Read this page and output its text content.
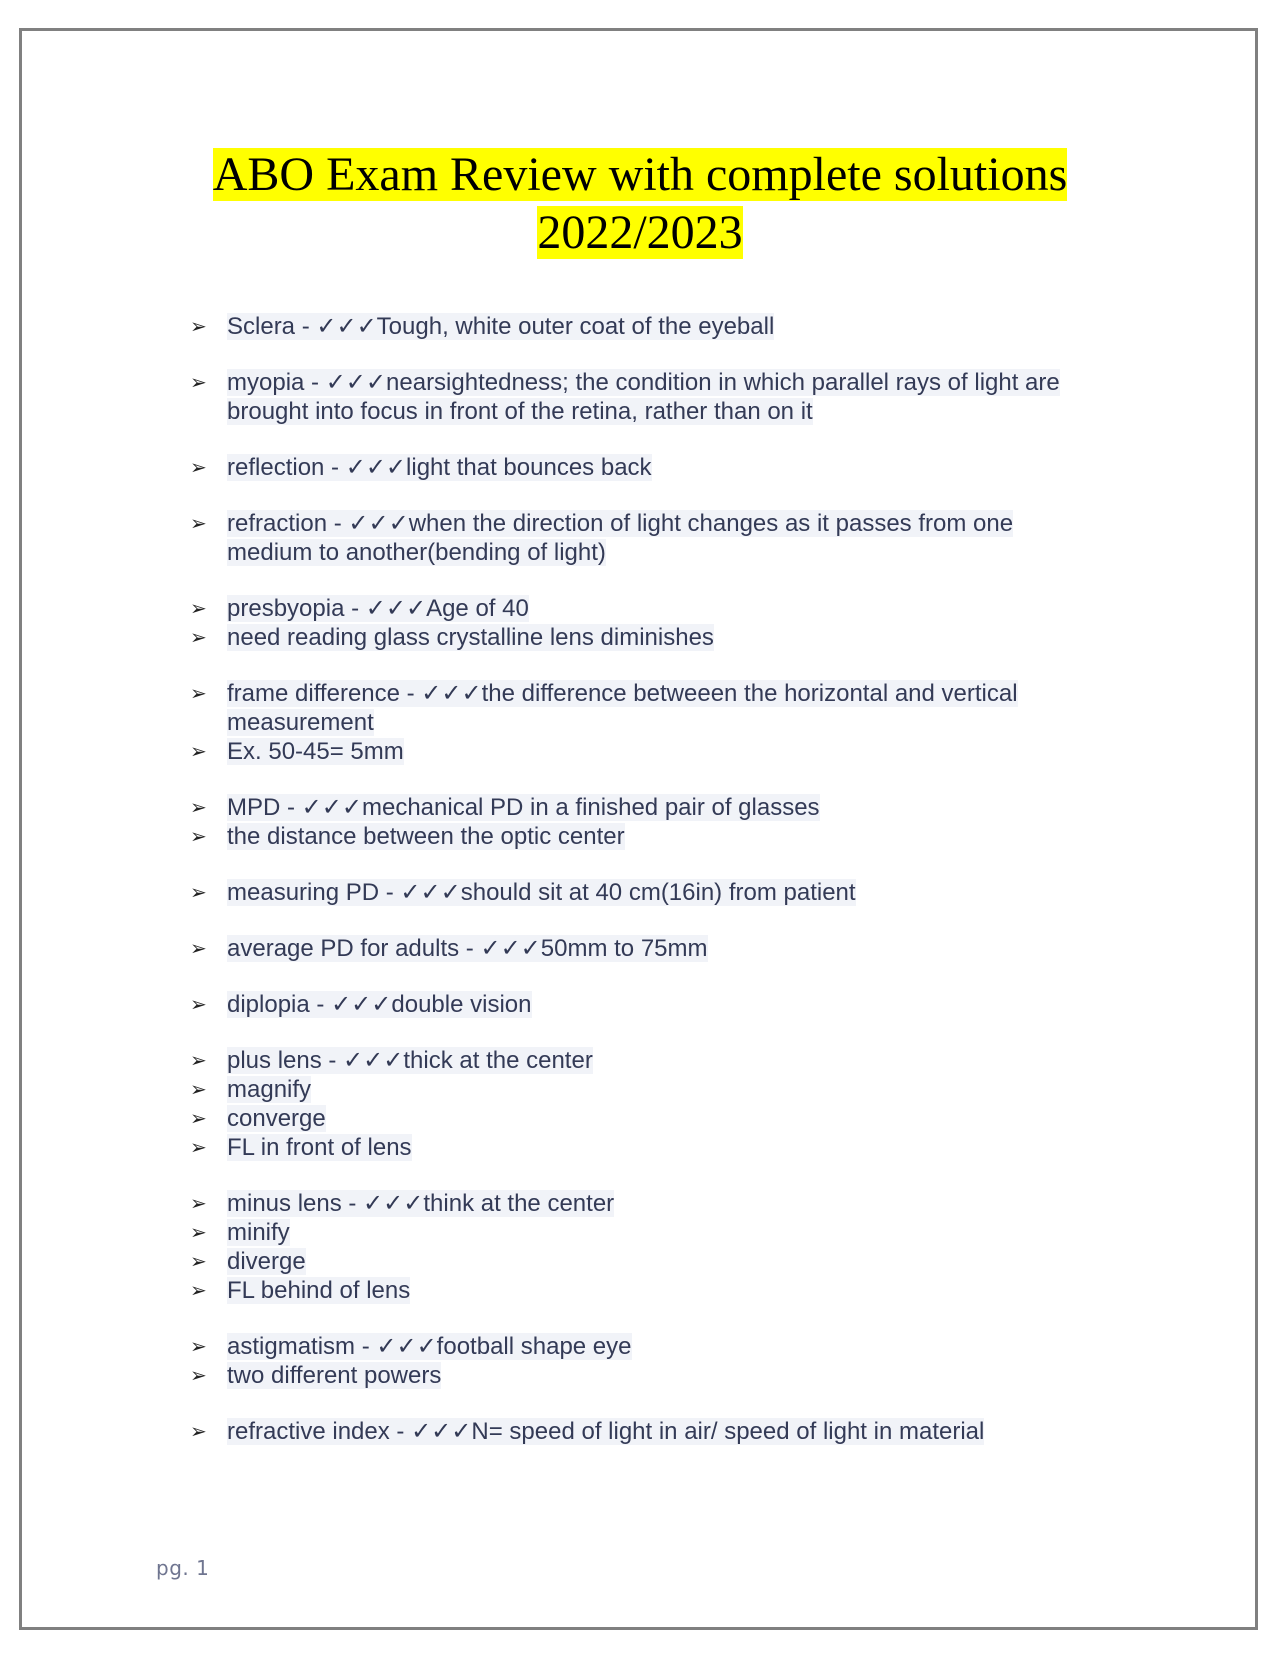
ABO Exam Review with complete solutions
2022/2023
➢ Sclera - ✓✓✓Tough, white outer coat of the eyeball
➢ myopia - ✓✓✓nearsightedness; the condition in which parallel rays of light are brought into focus in front of the retina, rather than on it
➢ reflection - ✓✓✓light that bounces back
➢ refraction - ✓✓✓when the direction of light changes as it passes from one medium to another(bending of light)
➢ presbyopia - ✓✓✓Age of 40
➢ need reading glass crystalline lens diminishes
➢ frame difference - ✓✓✓the difference betweeen the horizontal and vertical measurement
➢ Ex. 50-45= 5mm
➢ MPD - ✓✓✓mechanical PD in a finished pair of glasses
➢ the distance between the optic center
➢ measuring PD - ✓✓✓should sit at 40 cm(16in) from patient
➢ average PD for adults - ✓✓✓50mm to 75mm
➢ diplopia - ✓✓✓double vision
➢ plus lens - ✓✓✓thick at the center
➢ magnify
➢ converge
➢ FL in front of lens
➢ minus lens - ✓✓✓think at the center
➢ minify
➢ diverge
➢ FL behind of lens
➢ astigmatism - ✓✓✓football shape eye
➢ two different powers
➢ refractive index - ✓✓✓N= speed of light in air/ speed of light in material
pg. 1
